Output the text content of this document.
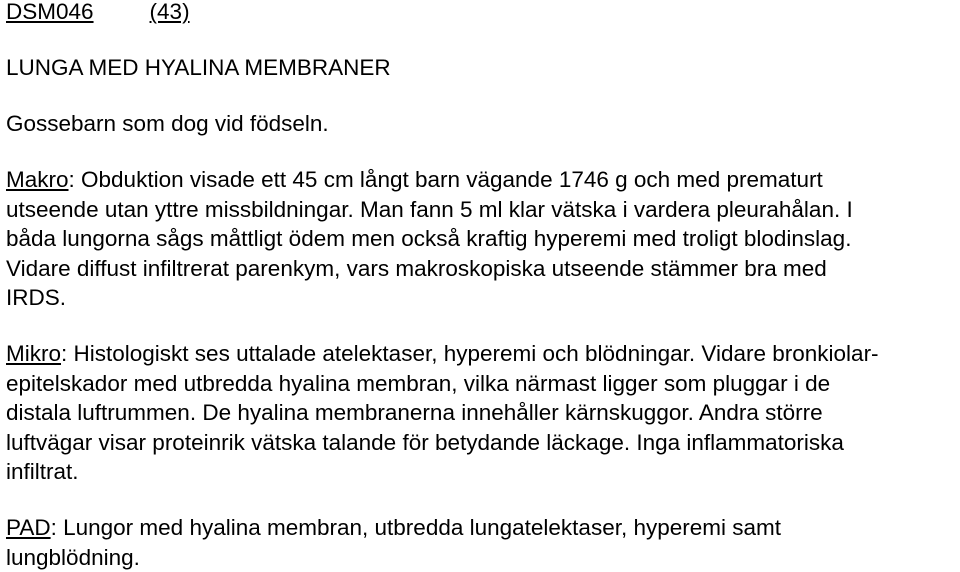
DSM046 (43)
LUNGA MED HYALINA MEMBRANER
Gossebarn som dog vid födseln.
Makro: Obduktion visade ett 45 cm långt barn vägande 1746 g och med prematurt
utseende utan yttre missbildningar. Man fann 5 ml klar vätska i vardera pleurahålan. I
båda lungorna sågs måttligt ödem men också kraftig hyperemi med troligt blodinslag.
Vidare diffust infiltrerat parenkym, vars makroskopiska utseende stämmer bra med
IRDS.
Mikro: Histologiskt ses uttalade atelektaser, hyperemi och blödningar. Vidare bronkiolar-
epitelskador med utbredda hyalina membran, vilka närmast ligger som pluggar i de
distala luftrummen. De hyalina membranerna innehåller kärnskuggor. Andra större
luftvägar visar proteinrik vätska talande för betydande läckage. Inga inflammatoriska
infiltrat.
PAD: Lungor med hyalina membran, utbredda lungatelektaser, hyperemi samt
lungblödning.
